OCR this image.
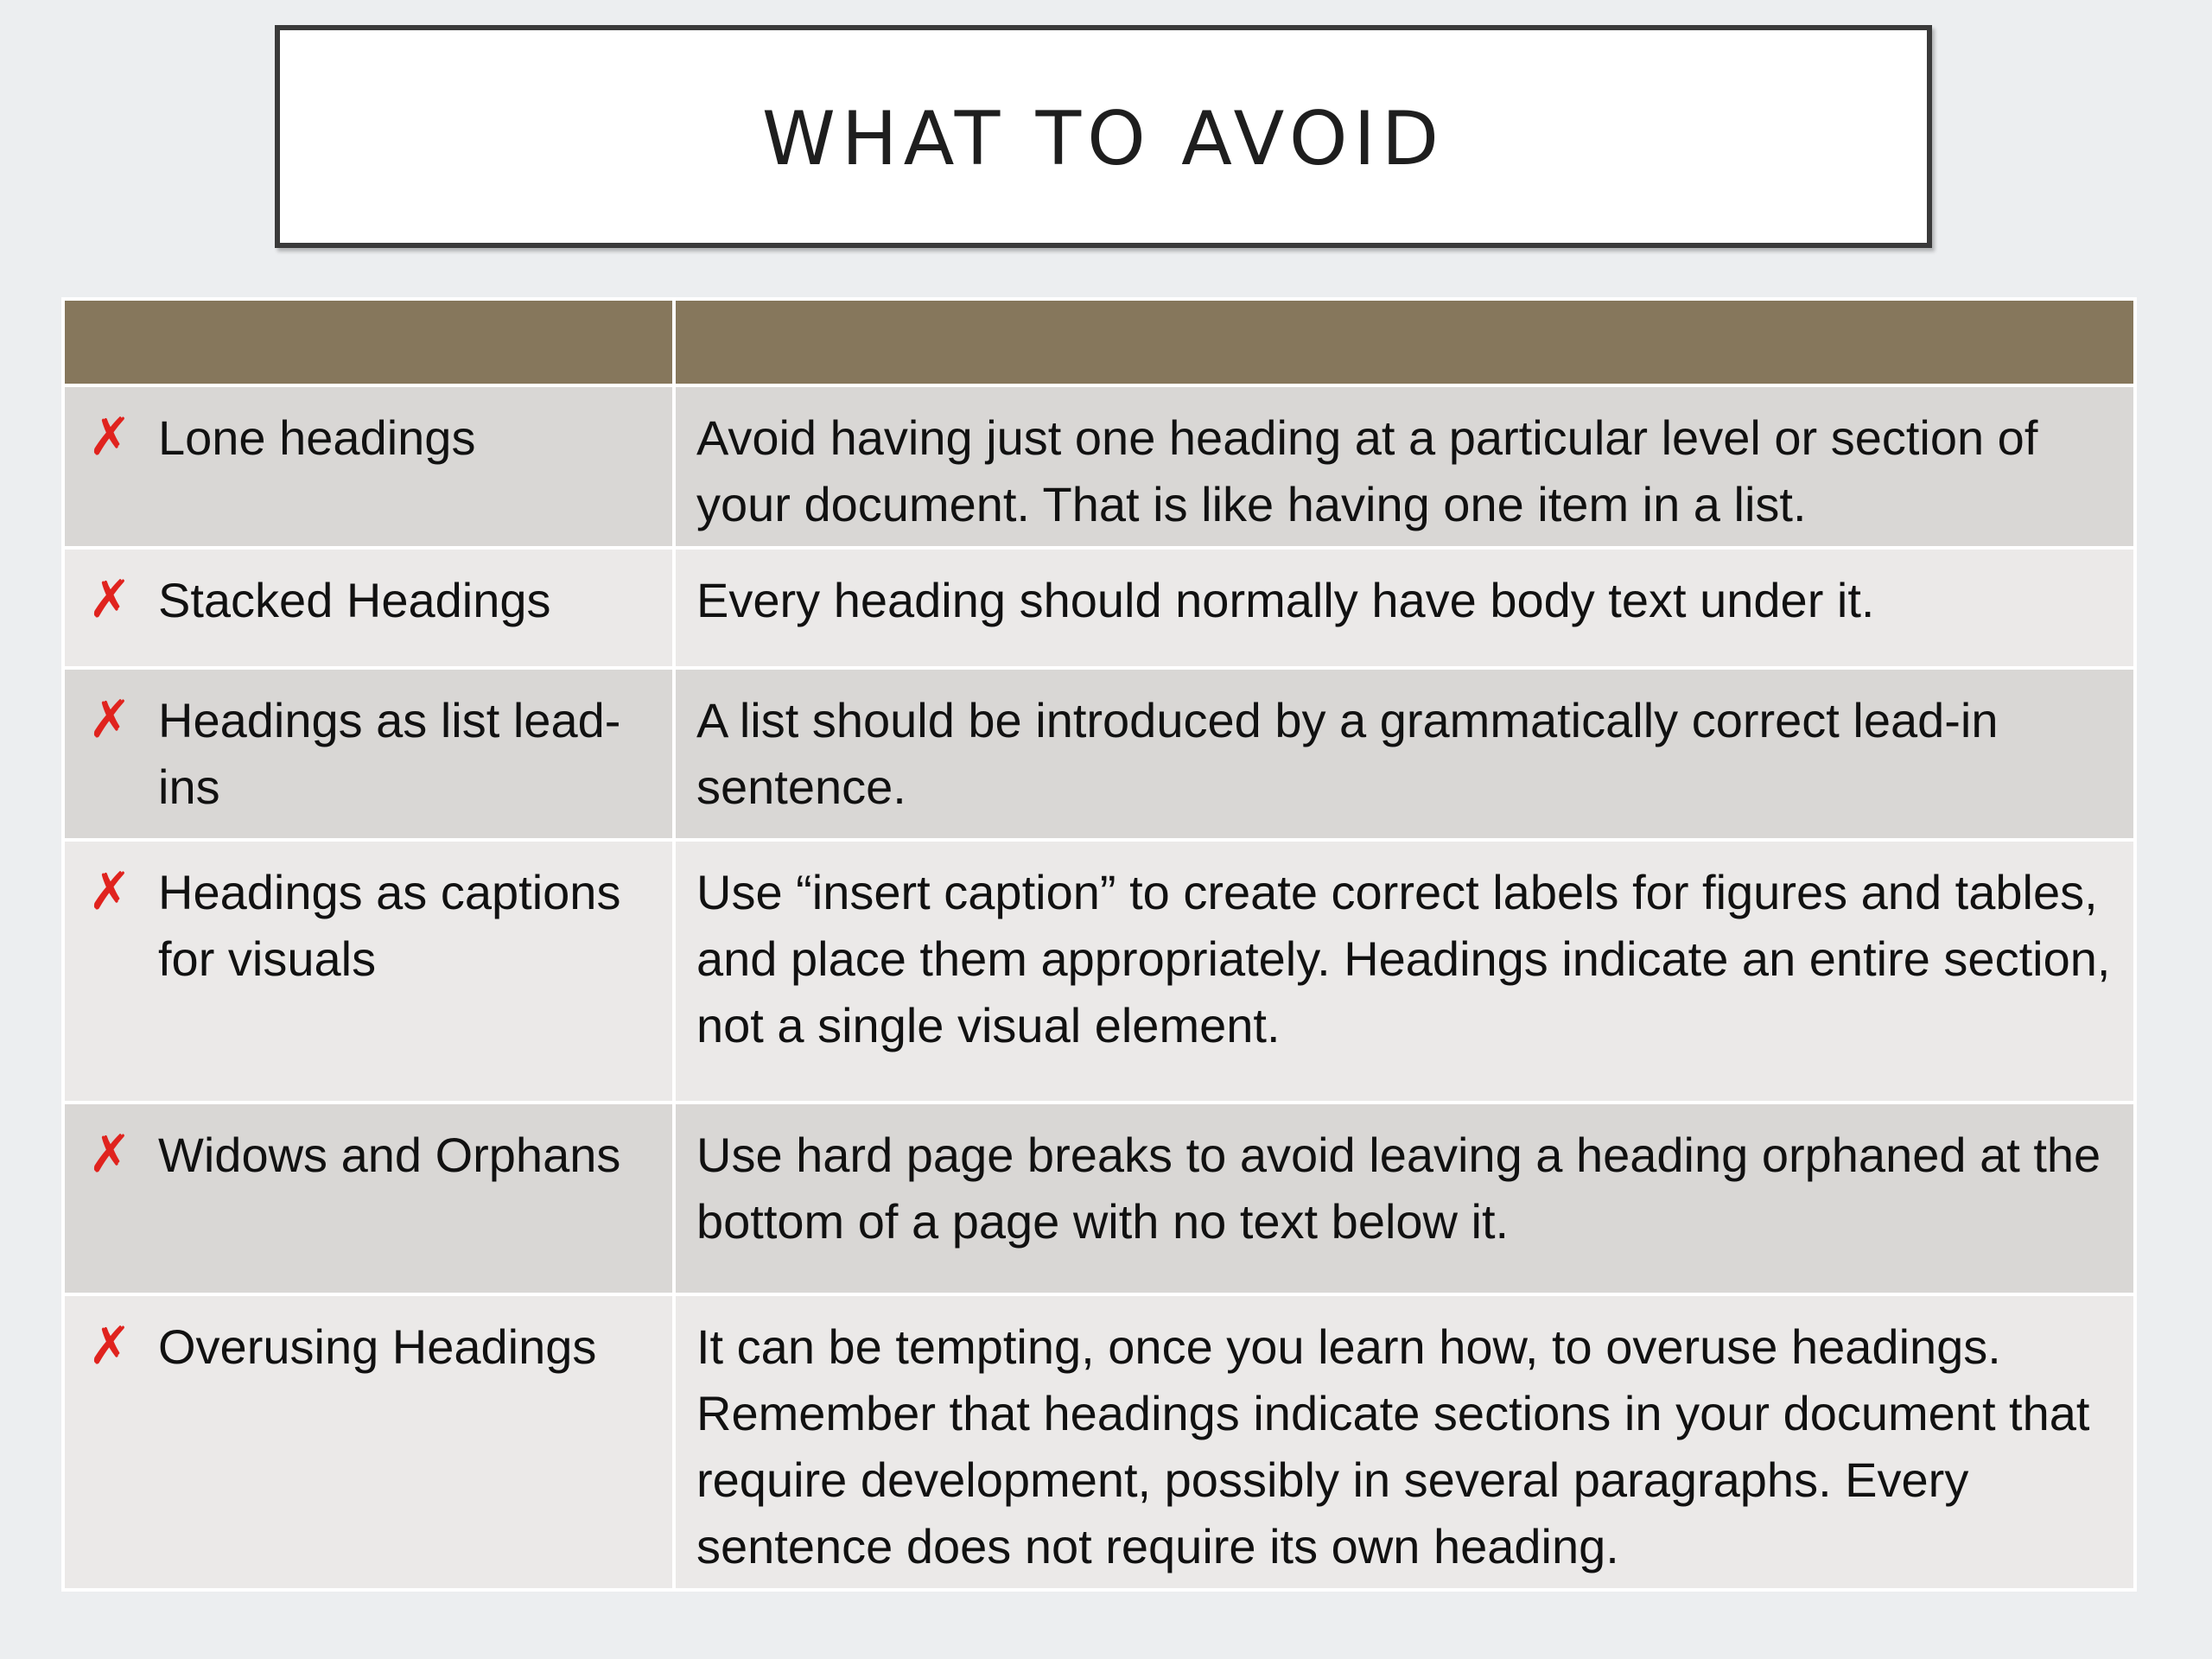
WHAT TO AVOID

✗ Lone headings	Avoid having just one heading at a particular level or section of your document. That is like having one item in a list.

✗ Stacked Headings	Every heading should normally have body text under it.

✗ Headings as list lead-ins	A list should be introduced by a grammatically correct lead-in sentence.

✗ Headings as captions for visuals	Use “insert caption” to create correct labels for figures and tables, and place them appropriately. Headings indicate an entire section, not a single visual element.

✗ Widows and Orphans	Use hard page breaks to avoid leaving a heading orphaned at the bottom of a page with no text below it.

✗ Overusing Headings	It can be tempting, once you learn how, to overuse headings. Remember that headings indicate sections in your document that require development, possibly in several paragraphs. Every sentence does not require its own heading.
